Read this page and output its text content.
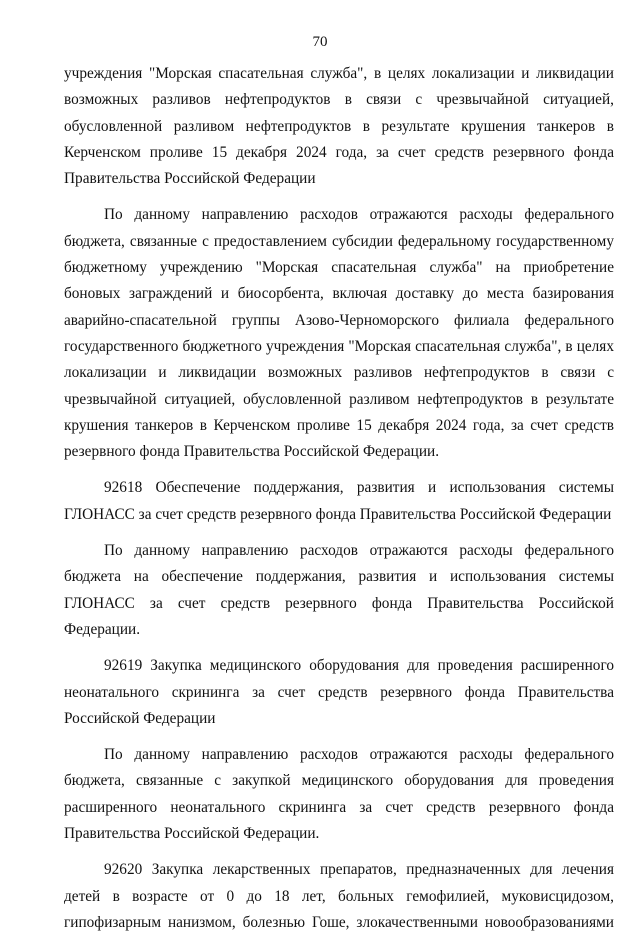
70

учреждения "Морская спасательная служба", в целях локализации и ликвидации возможных разливов нефтепродуктов в связи с чрезвычайной ситуацией, обусловленной разливом нефтепродуктов в результате крушения танкеров в Керченском проливе 15 декабря 2024 года, за счет средств резервного фонда Правительства Российской Федерации

По данному направлению расходов отражаются расходы федерального бюджета, связанные с предоставлением субсидии федеральному государственному бюджетному учреждению "Морская спасательная служба" на приобретение боновых заграждений и биосорбента, включая доставку до места базирования аварийно-спасательной группы Азово-Черноморского филиала федерального государственного бюджетного учреждения "Морская спасательная служба", в целях локализации и ликвидации возможных разливов нефтепродуктов в связи с чрезвычайной ситуацией, обусловленной разливом нефтепродуктов в результате крушения танкеров в Керченском проливе 15 декабря 2024 года, за счет средств резервного фонда Правительства Российской Федерации.

92618 Обеспечение поддержания, развития и использования системы ГЛОНАСС за счет средств резервного фонда Правительства Российской Федерации

По данному направлению расходов отражаются расходы федерального бюджета на обеспечение поддержания, развития и использования системы ГЛОНАСС за счет средств резервного фонда Правительства Российской Федерации.

92619 Закупка медицинского оборудования для проведения расширенного неонатального скрининга за счет средств резервного фонда Правительства Российской Федерации

По данному направлению расходов отражаются расходы федерального бюджета, связанные с закупкой медицинского оборудования для проведения расширенного неонатального скрининга за счет средств резервного фонда Правительства Российской Федерации.

92620 Закупка лекарственных препаратов, предназначенных для лечения детей в возрасте от 0 до 18 лет, больных гемофилией, муковисцидозом, гипофизарным нанизмом, болезнью Гоше, злокачественными новообразованиями
